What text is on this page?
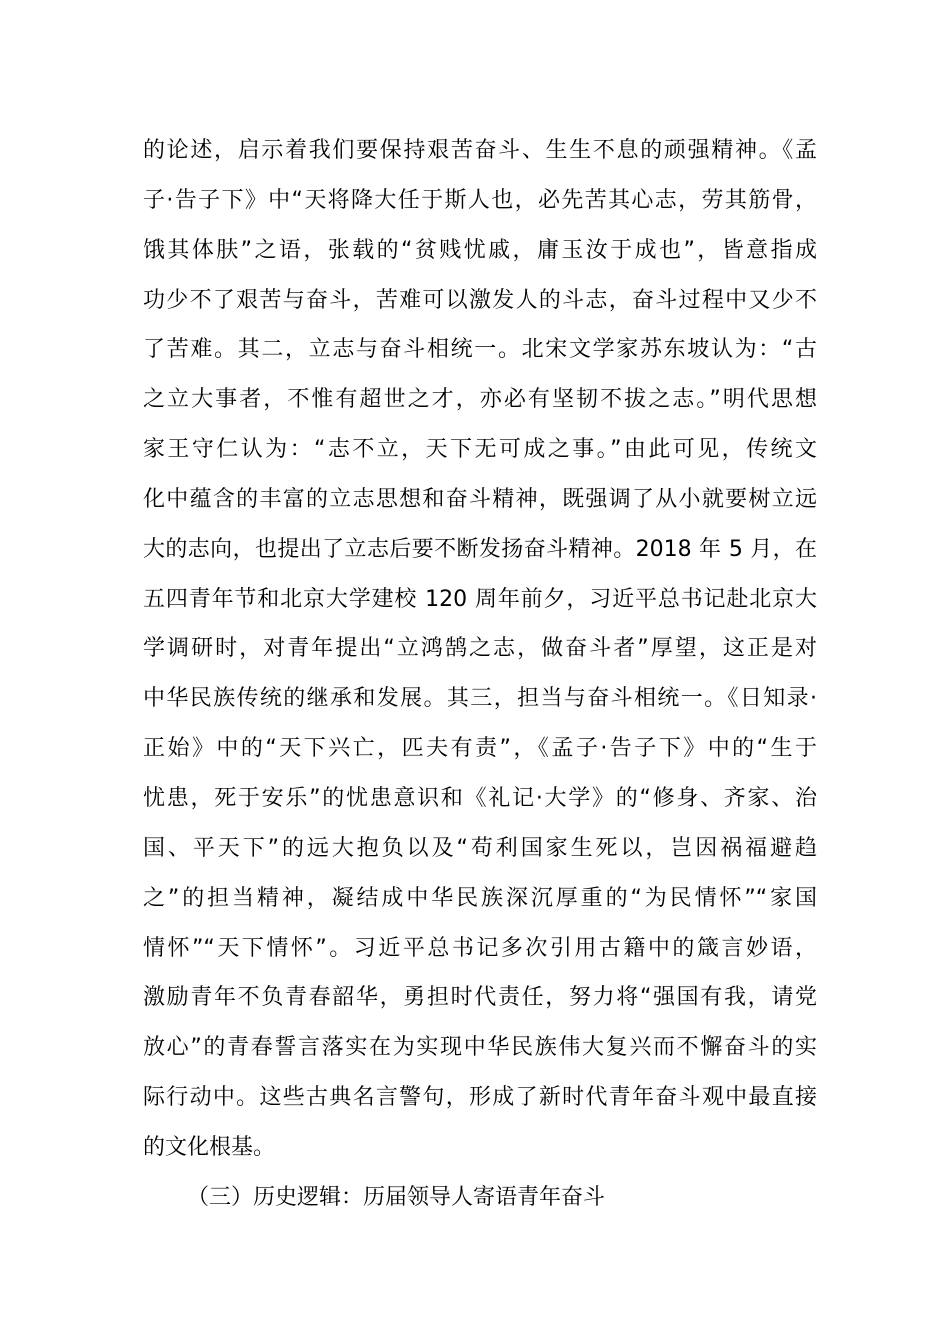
的论述，启示着我们要保持艰苦奋斗、生生不息的顽强精神。《孟
子·告子下》中“天将降大任于斯人也，必先苦其心志，劳其筋骨，
饿其体肤”之语，张载的“贫贱忧戚，庸玉汝于成也”，皆意指成
功少不了艰苦与奋斗，苦难可以激发人的斗志，奋斗过程中又少不
了苦难。其二，立志与奋斗相统一。北宋文学家苏东坡认为：“古
之立大事者，不惟有超世之才，亦必有坚韧不拔之志。”明代思想
家王守仁认为：“志不立，天下无可成之事。”由此可见，传统文
化中蕴含的丰富的立志思想和奋斗精神，既强调了从小就要树立远
大的志向，也提出了立志后要不断发扬奋斗精神。2018 年 5 月，在
五四青年节和北京大学建校 120 周年前夕，习近平总书记赴北京大
学调研时，对青年提出“立鸿鹄之志，做奋斗者”厚望，这正是对
中华民族传统的继承和发展。其三，担当与奋斗相统一。《日知录·
正始》中的“天下兴亡，匹夫有责”，《孟子·告子下》中的“生于
忧患，死于安乐”的忧患意识和《礼记·大学》的“修身、齐家、治
国、平天下”的远大抱负以及“苟利国家生死以，岂因祸福避趋
之”的担当精神，凝结成中华民族深沉厚重的“为民情怀”“家国
情怀”“天下情怀”。习近平总书记多次引用古籍中的箴言妙语，
激励青年不负青春韶华，勇担时代责任，努力将“强国有我，请党
放心”的青春誓言落实在为实现中华民族伟大复兴而不懈奋斗的实
际行动中。这些古典名言警句，形成了新时代青年奋斗观中最直接
的文化根基。
（三）历史逻辑：历届领导人寄语青年奋斗
